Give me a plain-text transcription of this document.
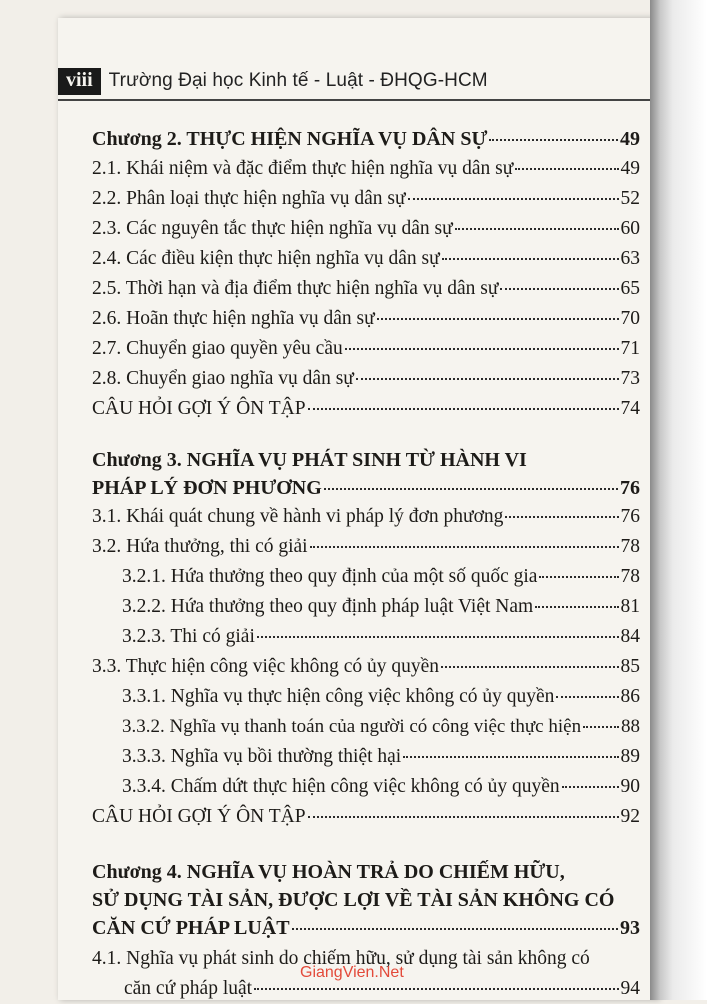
viii Trường Đại học Kinh tế - Luật - ĐHQG-HCM
Chương 2. THỰC HIỆN NGHĨA VỤ DÂN SỰ	49
2.1. Khái niệm và đặc điểm thực hiện nghĩa vụ dân sự	49
2.2. Phân loại thực hiện nghĩa vụ dân sự	52
2.3. Các nguyên tắc thực hiện nghĩa vụ dân sự	60
2.4. Các điều kiện thực hiện nghĩa vụ dân sự	63
2.5. Thời hạn và địa điểm thực hiện nghĩa vụ dân sự	65
2.6. Hoãn thực hiện nghĩa vụ dân sự	70
2.7. Chuyển giao quyền yêu cầu	71
2.8. Chuyển giao nghĩa vụ dân sự	73
CÂU HỎI GỢI Ý ÔN TẬP	74
Chương 3. NGHĨA VỤ PHÁT SINH TỪ HÀNH VI
PHÁP LÝ ĐƠN PHƯƠNG	76
3.1. Khái quát chung về hành vi pháp lý đơn phương	76
3.2. Hứa thưởng, thi có giải	78
3.2.1. Hứa thưởng theo quy định của một số quốc gia	78
3.2.2. Hứa thưởng theo quy định pháp luật Việt Nam	81
3.2.3. Thi có giải	84
3.3. Thực hiện công việc không có ủy quyền	85
3.3.1. Nghĩa vụ thực hiện công việc không có ủy quyền	86
3.3.2. Nghĩa vụ thanh toán của người có công việc thực hiện 88
3.3.3. Nghĩa vụ bồi thường thiệt hại	89
3.3.4. Chấm dứt thực hiện công việc không có ủy quyền	90
CÂU HỎI GỢI Ý ÔN TẬP	92
Chương 4. NGHĨA VỤ HOÀN TRẢ DO CHIẾM HỮU,
SỬ DỤNG TÀI SẢN, ĐƯỢC LỢI VỀ TÀI SẢN KHÔNG CÓ
CĂN CỨ PHÁP LUẬT	93
4.1. Nghĩa vụ phát sinh do chiếm hữu, sử dụng tài sản không có
căn cứ pháp luật	94
GiangVien.Net
